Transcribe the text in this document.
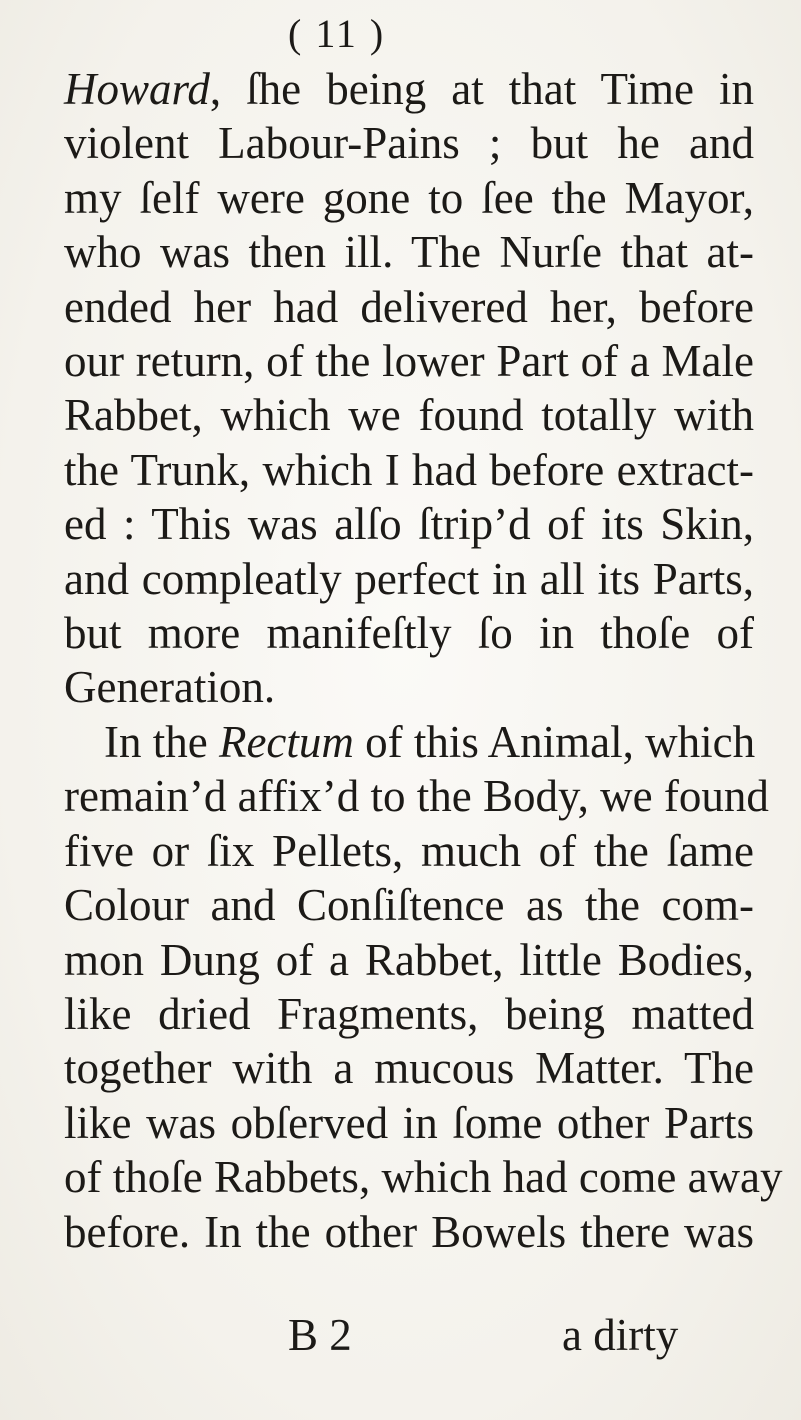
( 11 )
Howard, ſhe being at that Time in
violent Labour-Pains ; but he and
my ſelf were gone to ſee the Mayor,
who was then ill. The Nurſe that at-
ended her had delivered her, before
our return, of the lower Part of a Male
Rabbet, which we found totally with
the Trunk, which I had before extract-
ed : This was alſo ſtrip’d of its Skin,
and compleatly perfect in all its Parts,
but more manifeſtly ſo in thoſe of
Generation.
In the Rectum of this Animal, which
remain’d affix’d to the Body, we found
five or ſix Pellets, much of the ſame
Colour and Conſiſtence as the com-
mon Dung of a Rabbet, little Bodies,
like dried Fragments, being matted
together with a mucous Matter. The
like was obſerved in ſome other Parts
of thoſe Rabbets, which had come away
before. In the other Bowels there was
B 2	a dirty
